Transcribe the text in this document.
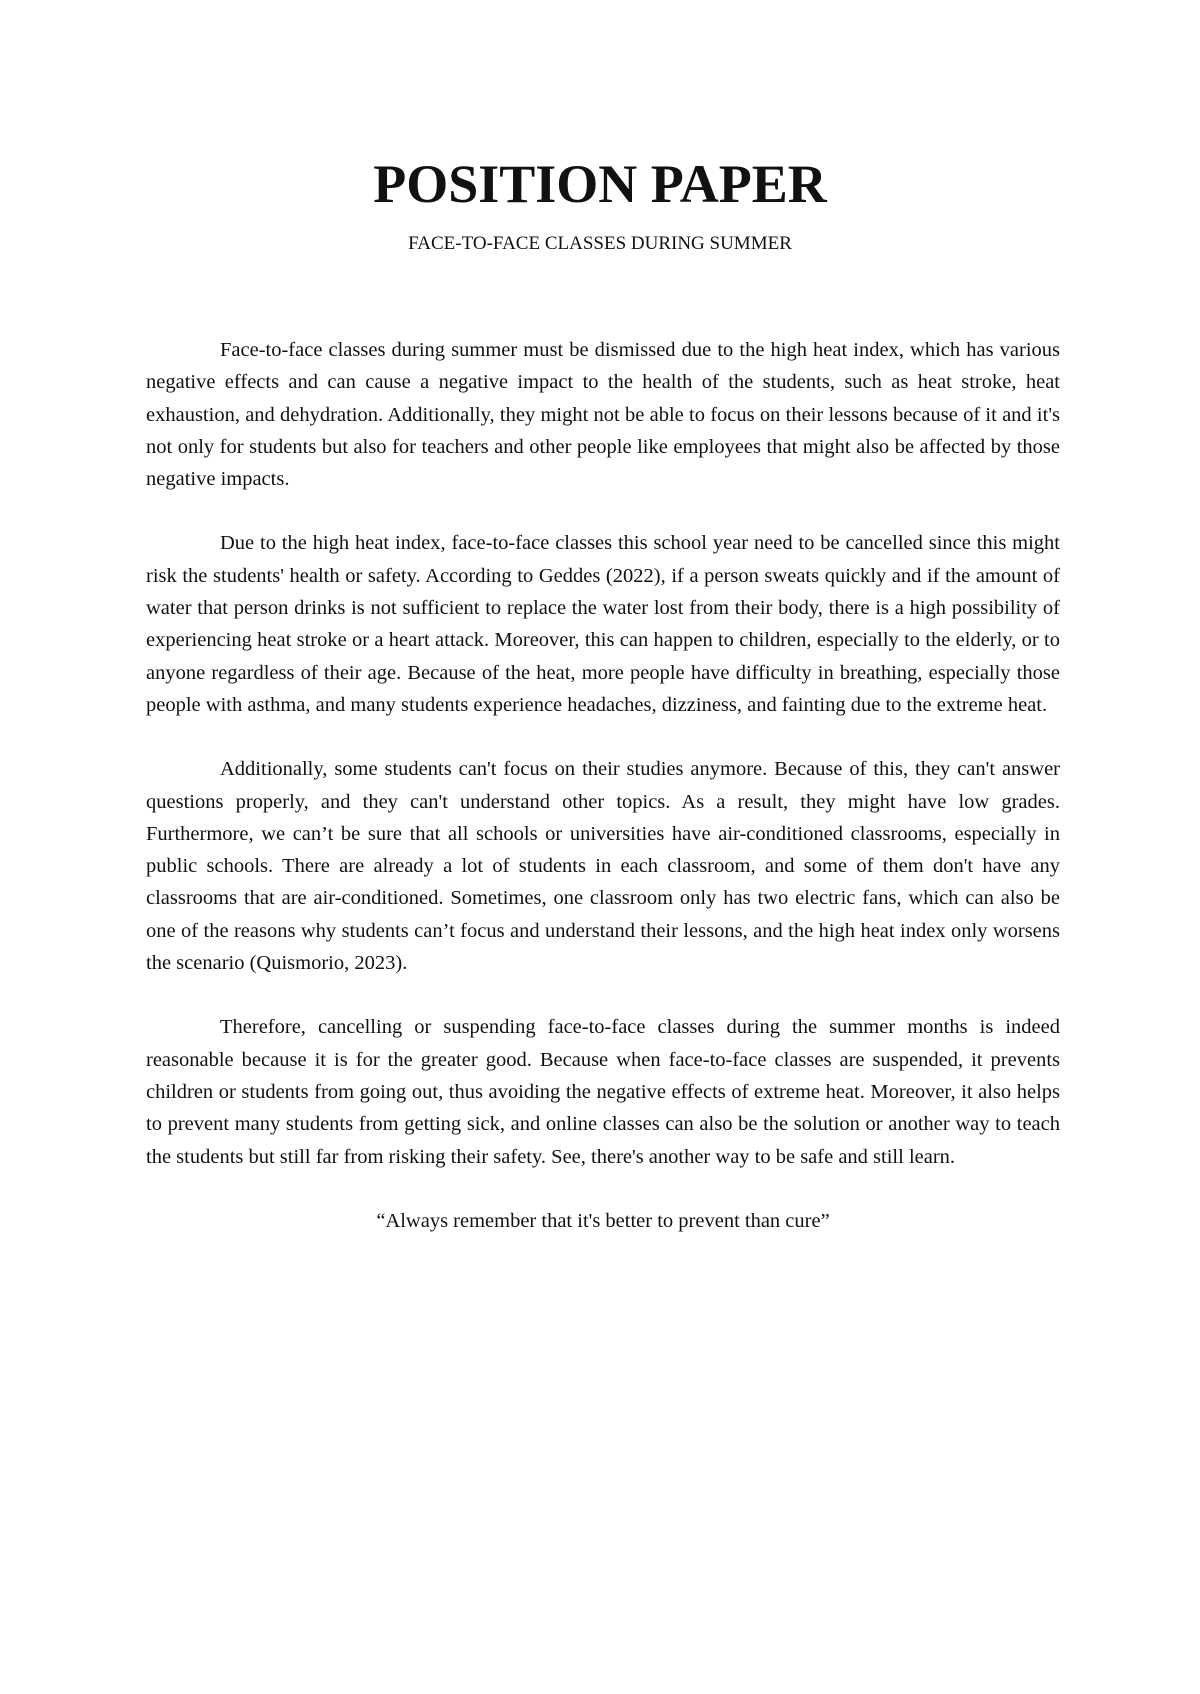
POSITION PAPER

FACE-TO-FACE CLASSES DURING SUMMER

Face-to-face classes during summer must be dismissed due to the high heat index, which has various negative effects and can cause a negative impact to the health of the students, such as heat stroke, heat exhaustion, and dehydration. Additionally, they might not be able to focus on their lessons because of it and it's not only for students but also for teachers and other people like employees that might also be affected by those negative impacts.

Due to the high heat index, face-to-face classes this school year need to be cancelled since this might risk the students' health or safety. According to Geddes (2022), if a person sweats quickly and if the amount of water that person drinks is not sufficient to replace the water lost from their body, there is a high possibility of experiencing heat stroke or a heart attack. Moreover, this can happen to children, especially to the elderly, or to anyone regardless of their age. Because of the heat, more people have difficulty in breathing, especially those people with asthma, and many students experience headaches, dizziness, and fainting due to the extreme heat.

Additionally, some students can't focus on their studies anymore. Because of this, they can't answer questions properly, and they can't understand other topics. As a result, they might have low grades. Furthermore, we can’t be sure that all schools or universities have air-conditioned classrooms, especially in public schools. There are already a lot of students in each classroom, and some of them don't have any classrooms that are air-conditioned. Sometimes, one classroom only has two electric fans, which can also be one of the reasons why students can’t focus and understand their lessons, and the high heat index only worsens the scenario (Quismorio, 2023).

Therefore, cancelling or suspending face-to-face classes during the summer months is indeed reasonable because it is for the greater good. Because when face-to-face classes are suspended, it prevents children or students from going out, thus avoiding the negative effects of extreme heat. Moreover, it also helps to prevent many students from getting sick, and online classes can also be the solution or another way to teach the students but still far from risking their safety. See, there's another way to be safe and still learn.

“Always remember that it's better to prevent than cure”
